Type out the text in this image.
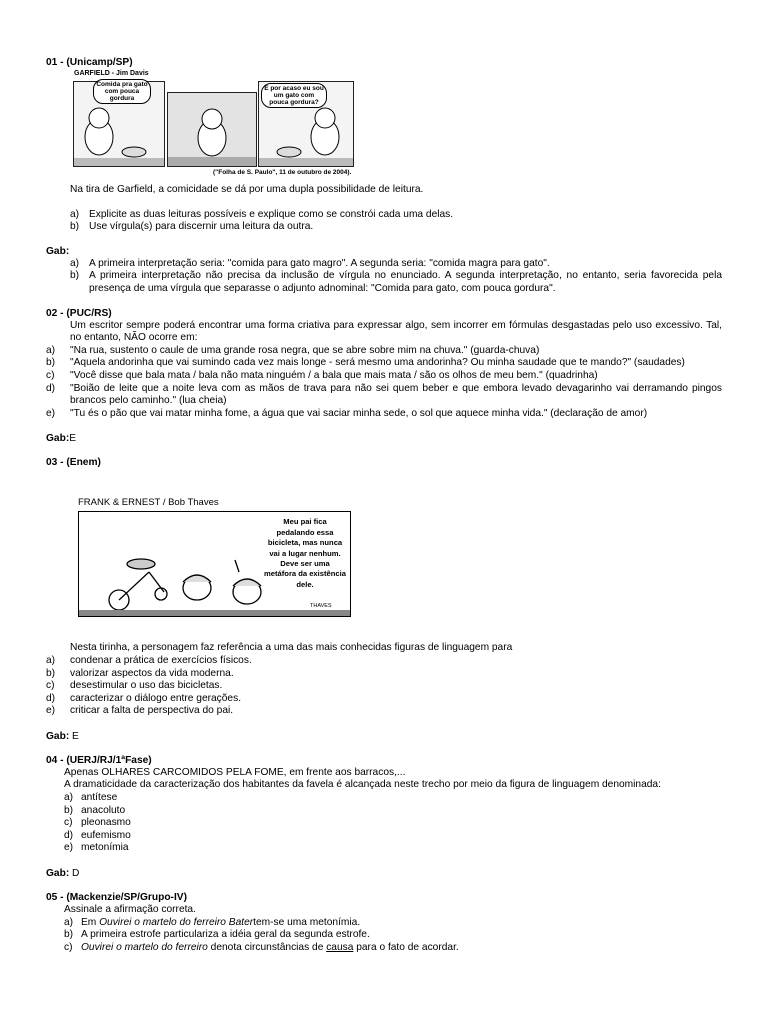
01 - (Unicamp/SP)
GARFIELD - Jim Davis
Comida pra gato com pouca gordura
E por acaso eu sou um gato com pouca gordura?
("Folha de S. Paulo", 11 de outubro de 2004).
Na tira de Garfield, a comicidade se dá por uma dupla possibilidade de leitura.
a) Explicite as duas leituras possíveis e explique como se constrói cada uma delas.
b) Use vírgula(s) para discernir uma leitura da outra.
Gab:
a) A primeira interpretação seria: "comida para gato magro". A segunda seria: "comida magra para gato".
b) A primeira interpretação não precisa da inclusão de vírgula no enunciado. A segunda interpretação, no entanto, seria favorecida pela presença de uma vírgula que separasse o adjunto adnominal: "Comida para gato, com pouca gordura".
02 - (PUC/RS)
Um escritor sempre poderá encontrar uma forma criativa para expressar algo, sem incorrer em fórmulas desgastadas pelo uso excessivo. Tal, no entanto, NÃO ocorre em:
a) "Na rua, sustento o caule de uma grande rosa negra, que se abre sobre mim na chuva." (guarda-chuva)
b) "Aquela andorinha que vai sumindo cada vez mais longe - será mesmo uma andorinha? Ou minha saudade que te mando?" (saudades)
c) "Você disse que bala mata / bala não mata ninguém / a bala que mais mata / são os olhos de meu bem." (quadrinha)
d) "Boião de leite que a noite leva com as mãos de trava para não sei quem beber e que embora levado devagarinho vai derramando pingos brancos pelo caminho." (lua cheia)
e) "Tu és o pão que vai matar minha fome, a água que vai saciar minha sede, o sol que aquece minha vida." (declaração de amor)
Gab:E
03 - (Enem)
FRANK & ERNEST / Bob Thaves
Meu pai fica pedalando essa bicicleta, mas nunca vai a lugar nenhum. Deve ser uma metáfora da existência dele.
THAVES
Nesta tirinha, a personagem faz referência a uma das mais conhecidas figuras de linguagem para
a) condenar a prática de exercícios físicos.
b) valorizar aspectos da vida moderna.
c) desestimular o uso das bicicletas.
d) caracterizar o diálogo entre gerações.
e) criticar a falta de perspectiva do pai.
Gab: E
04 - (UERJ/RJ/1ªFase)
Apenas OLHARES CARCOMIDOS PELA FOME, em frente aos barracos,...
A dramaticidade da caracterização dos habitantes da favela é alcançada neste trecho por meio da figura de linguagem denominada:
a) antítese
b) anacoluto
c) pleonasmo
d) eufemismo
e) metonímia
Gab: D
05 - (Mackenzie/SP/Grupo-IV)
Assinale a afirmação correta.
a) Em Ouvirei o martelo do ferreiro Batertem-se uma metonímia.
b) A primeira estrofe particulariza a idéia geral da segunda estrofe.
c) Ouvirei o martelo do ferreiro denota circunstâncias de causa para o fato de acordar.
